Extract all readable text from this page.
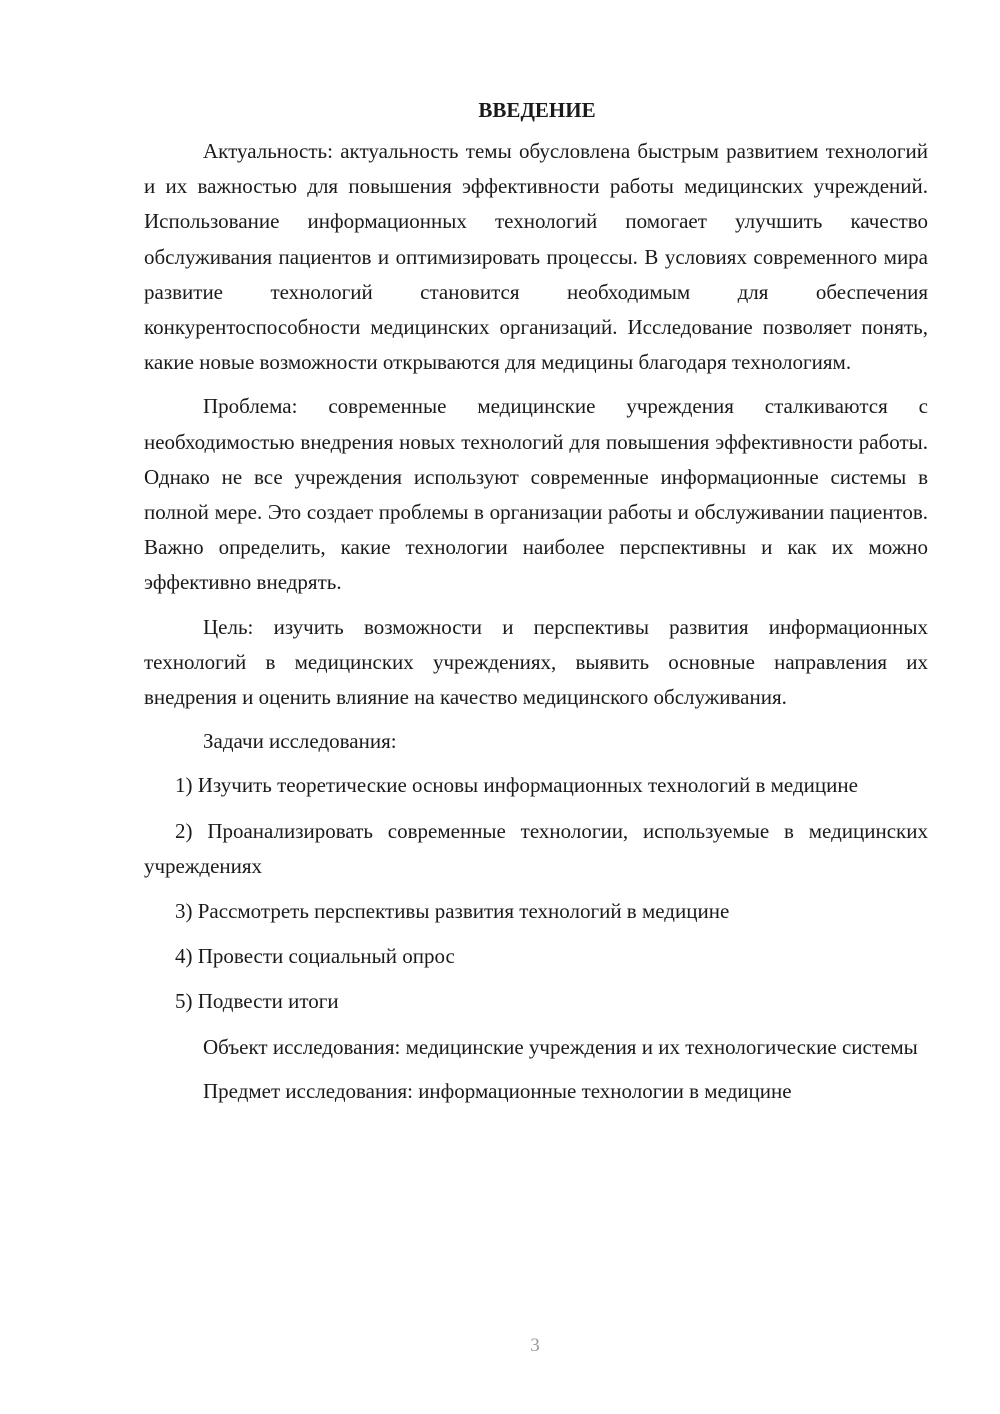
ВВЕДЕНИЕ

Актуальность: актуальность темы обусловлена быстрым развитием технологий и их важностью для повышения эффективности работы медицинских учреждений. Использование информационных технологий помогает улучшить качество обслуживания пациентов и оптимизировать процессы. В условиях современного мира развитие технологий становится необходимым для обеспечения конкурентоспособности медицинских организаций. Исследование позволяет понять, какие новые возможности открываются для медицины благодаря технологиям.

Проблема: современные медицинские учреждения сталкиваются с необходимостью внедрения новых технологий для повышения эффективности работы. Однако не все учреждения используют современные информационные системы в полной мере. Это создает проблемы в организации работы и обслуживании пациентов. Важно определить, какие технологии наиболее перспективны и как их можно эффективно внедрять.

Цель: изучить возможности и перспективы развития информационных технологий в медицинских учреждениях, выявить основные направления их внедрения и оценить влияние на качество медицинского обслуживания.

Задачи исследования:

1) Изучить теоретические основы информационных технологий в медицине

2) Проанализировать современные технологии, используемые в медицинских учреждениях

3) Рассмотреть перспективы развития технологий в медицине

4) Провести социальный опрос

5) Подвести итоги

Объект исследования: медицинские учреждения и их технологические системы

Предмет исследования: информационные технологии в медицине

3
